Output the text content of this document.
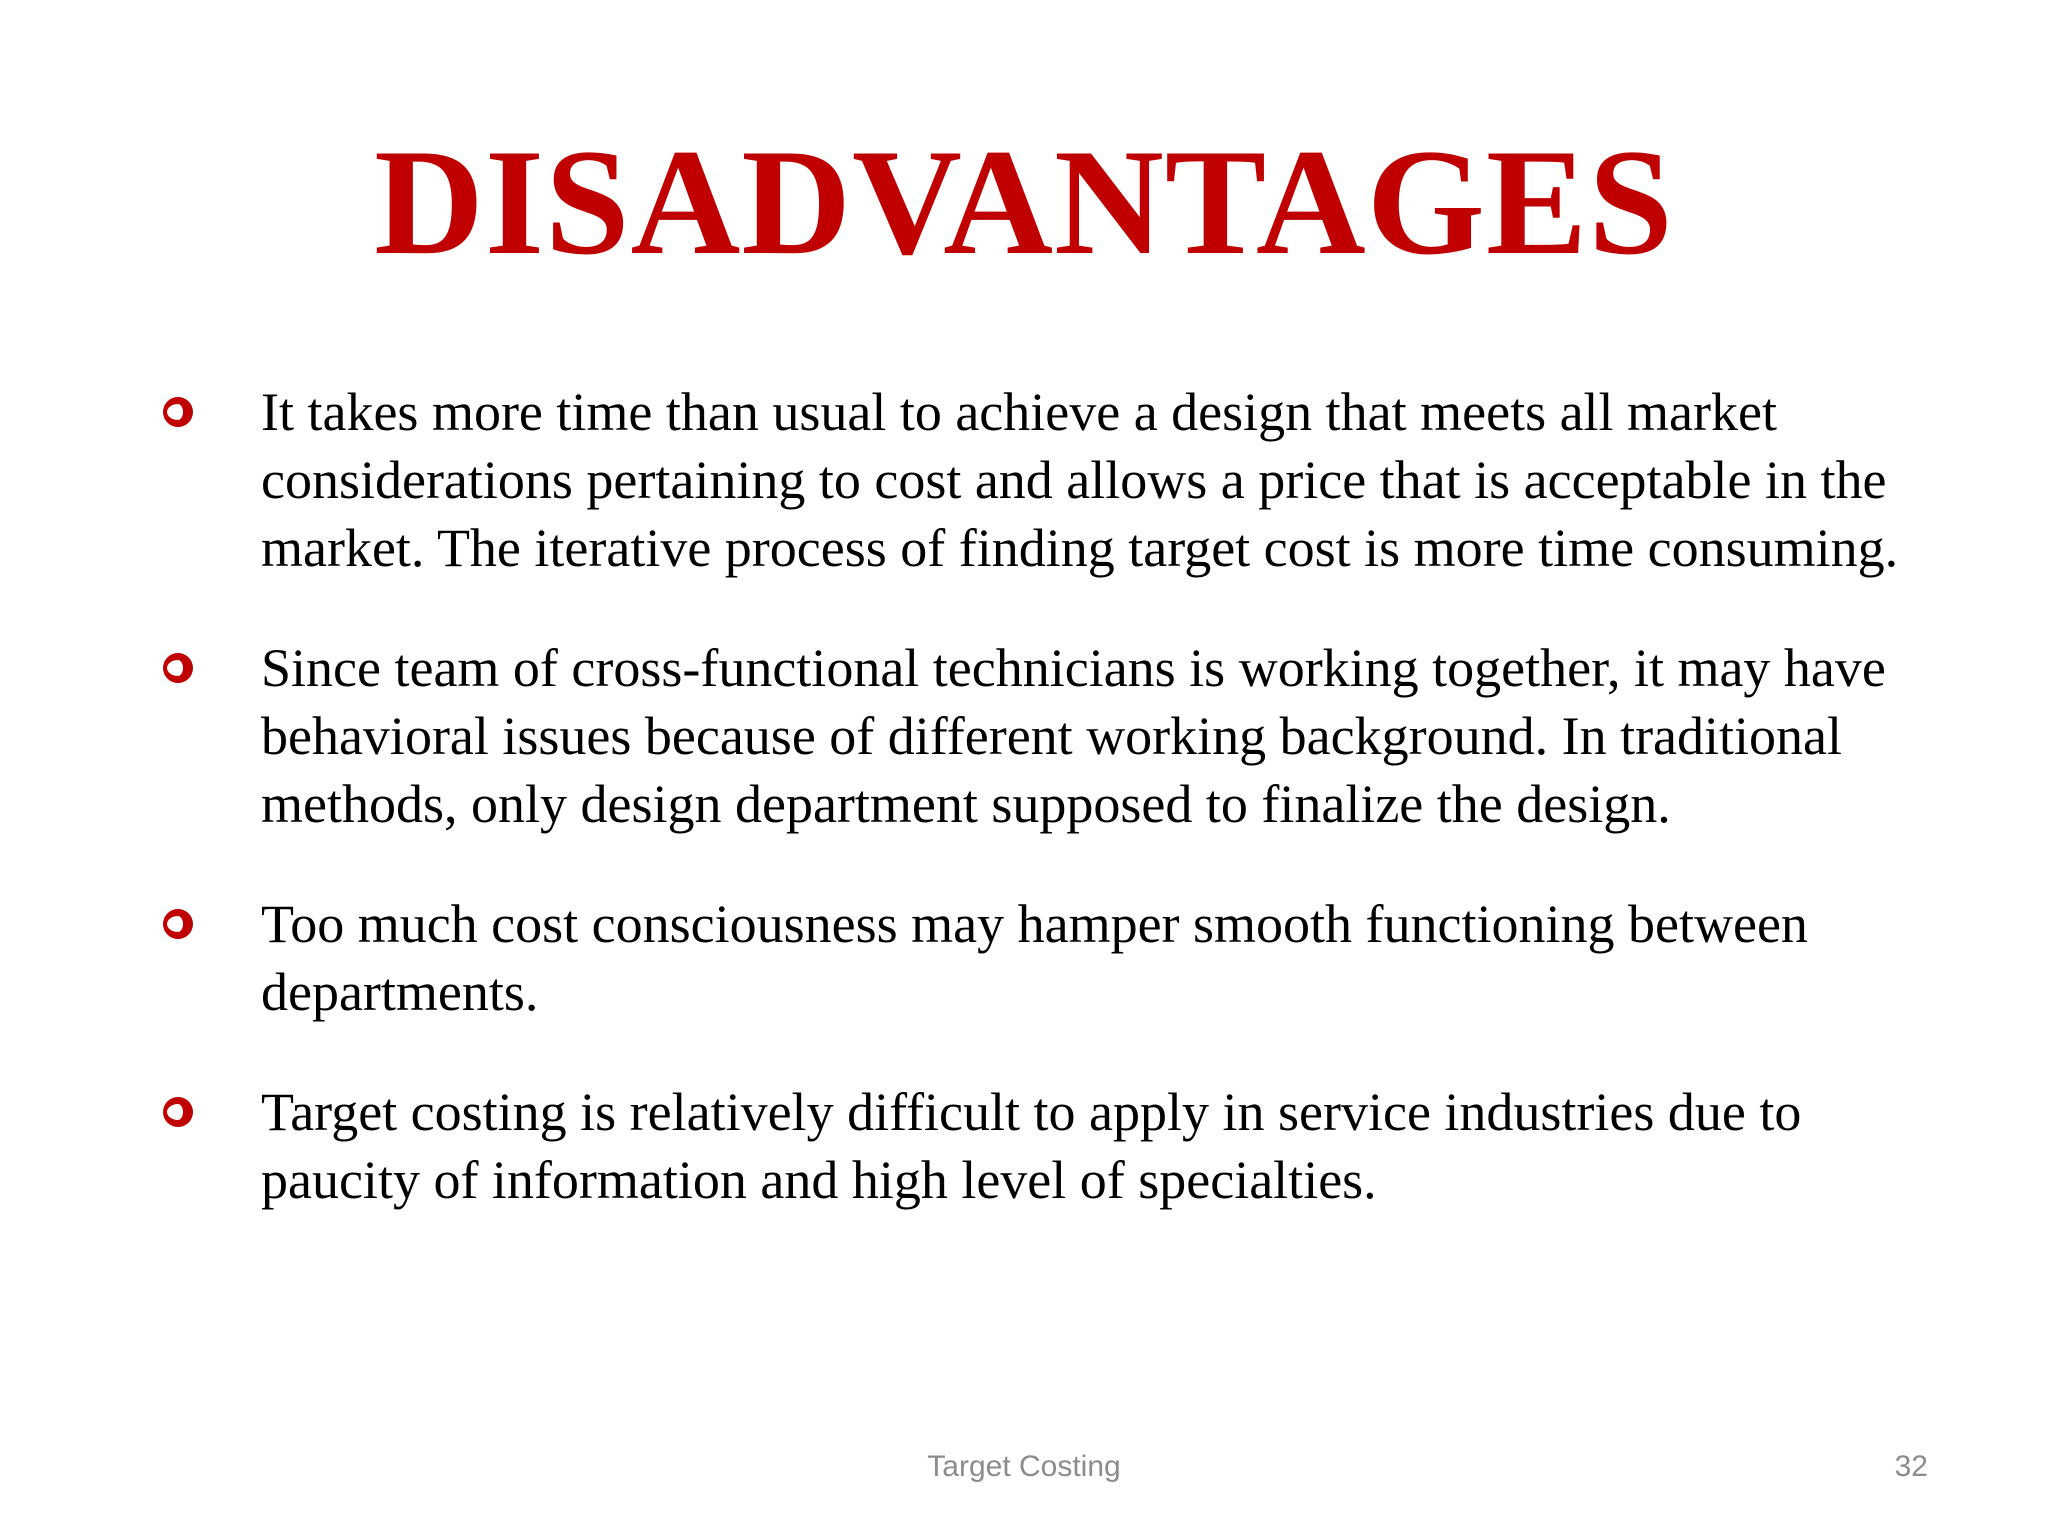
DISADVANTAGES
It takes more time than usual to achieve a design that meets all market considerations pertaining to cost and allows a price that is acceptable in the market. The iterative process of finding target cost is more time consuming.
Since team of cross-functional technicians is working together, it may have behavioral issues because of different working background. In traditional methods, only design department supposed to finalize the design.
Too much cost consciousness may hamper smooth functioning between departments.
Target costing is relatively difficult to apply in service industries due to paucity of information and high level of specialties.
Target Costing	32
